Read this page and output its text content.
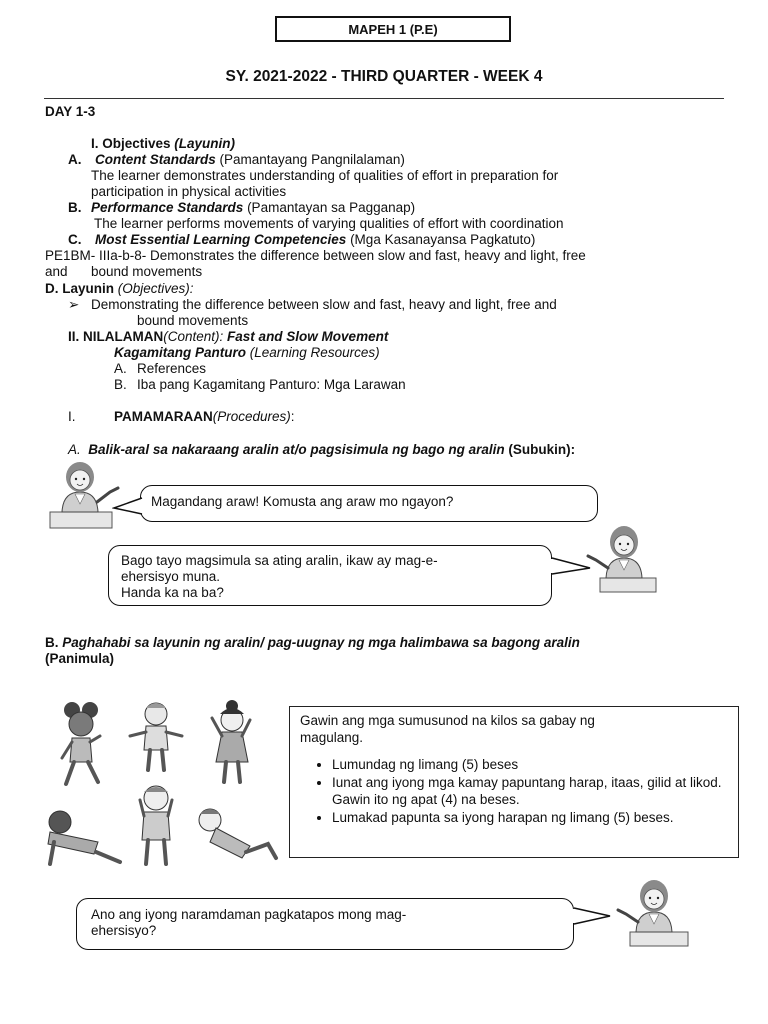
MAPEH 1 (P.E)
SY. 2021-2022 - THIRD QUARTER - WEEK 4
DAY 1-3
I. Objectives (Layunin)
A. Content Standards (Pamantayang Pangnilalaman)
The learner demonstrates understanding of qualities of effort in preparation for
participation in physical activities
B. Performance Standards (Pamantayan sa Pagganap)
The learner performs movements of varying qualities of effort with coordination
C. Most Essential Learning Competencies (Mga Kasanayansa Pagkatuto)
PE1BM- IIIa-b-8- Demonstrates the difference between slow and fast, heavy and light, free
and bound movements
D. Layunin (Objectives):
➢ Demonstrating the difference between slow and fast, heavy and light, free and
bound movements
II. NILALAMAN(Content): Fast and Slow Movement
Kagamitang Panturo (Learning Resources)
A. References
B. Iba pang Kagamitang Panturo: Mga Larawan
I.	PAMAMARAAN(Procedures):
A. Balik-aral sa nakaraang aralin at/o pagsisimula ng bago ng aralin (Subukin):
Magandang araw! Komusta ang araw mo ngayon?
Bago tayo magsimula sa ating aralin, ikaw ay mag-e-
ehersisyo muna.
Handa ka na ba?
B. Paghahabi sa layunin ng aralin/ pag-uugnay ng mga halimbawa sa bagong aralin
(Panimula)
Gawin ang mga sumusunod na kilos sa gabay ng
magulang.
• Lumundag ng limang (5) beses
• Iunat ang iyong mga kamay papuntang harap, itaas, gilid at likod. Gawin ito ng apat (4) na beses.
• Lumakad papunta sa iyong harapan ng limang (5) beses.
Ano ang iyong naramdaman pagkatapos mong mag-
ehersisyo?
